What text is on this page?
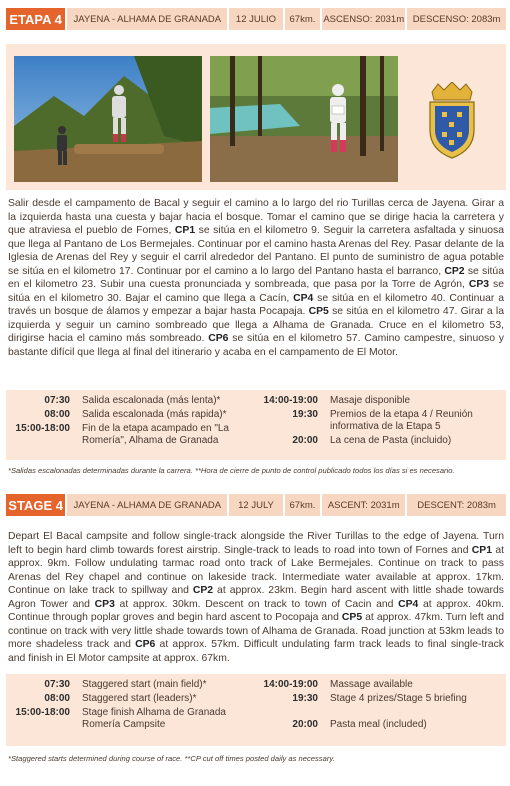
ETAPA 4	JAYENA - ALHAMA DE GRANADA	12 JULIO	67km. ASCENSO: 2031m DESCENSO: 2083m

Salir desde el campamento de Bacal y seguir el camino a lo largo del rio Turillas cerca de Jayena. Girar a la izquierda hasta una cuesta y bajar hacia el bosque. Tomar el camino que se dirige hacia la carretera y que atraviesa el pueblo de Fornes, CP1 se sitúa en el kilometro 9. Seguir la carretera asfaltada y sinuosa que llega al Pantano de Los Bermejales. Continuar por el camino hasta Arenas del Rey. Pasar delante de la Iglesia de Arenas del Rey y seguir el carril alrededor del Pantano. El punto de suministro de agua potable se sitúa en el kilometro 17. Continuar por el camino a lo largo del Pantano hasta el barranco, CP2 se sitúa en el kilometro 23. Subir una cuesta pronunciada y sombreada, que pasa por la Torre de Agrón, CP3 se sitúa en el kilometro 30. Bajar el camino que llega a Cacín, CP4 se sitúa en el kilometro 40. Continuar a través un bosque de álamos y empezar a bajar hasta Pocapaja. CP5 se sitúa en el kilometro 47. Girar a la izquierda y seguir un camino sombreado que llega a Alhama de Granada. Cruce en el kilometro 53, dirigirse hacia el camino más sombreado. CP6 se sitúa en el kilometro 57. Camino campestre, sinuoso y bastante difícil que llega al final del itinerario y acaba en el campamento de El Motor.

07:30	Salida escalonada (más lenta)*
08:00	Salida escalonada (más rapida)*
15:00-18:00	Fin de la etapa acampado en "La Romería", Alhama de Granada
14:00-19:00	Masaje disponible
19:30	Premios de la etapa 4 / Reunión informativa de la Etapa 5
20:00	La cena de Pasta (incluido)
*Salidas escalonadas determinadas durante la carrera. **Hora de cierre de punto de control publicado todos los días si es necesario.
STAGE 4	JAYENA - ALHAMA DE GRANADA	12 JULY	67km.	ASCENT: 2031m	DESCENT: 2083m

Depart El Bacal campsite and follow single-track alongside the River Turillas to the edge of Jayena. Turn left to begin hard climb towards forest airstrip. Single-track to leads to road into town of Fornes and CP1 at approx. 9km. Follow undulating tarmac road onto track of Lake Bermejales. Continue on track to pass Arenas del Rey chapel and continue on lakeside track. Intermediate water available at approx. 17km. Continue on lake track to spillway and CP2 at approx. 23km. Begin hard ascent with little shade towards Agron Tower and CP3 at approx. 30km. Descent on track to town of Cacin and CP4 at approx. 40km. Continue through poplar groves and begin hard ascent to Pocopaja and CP5 at approx. 47km. Turn left and continue on track with very little shade towards town of Alhama de Granada. Road junction at 53km leads to more shadeless track and CP6 at approx. 57km. Difficult undulating farm track leads to final single-track and finish in El Motor campsite at approx. 67km.

07:30	Staggered start (main field)*
08:00	Staggered start (leaders)*
15:00-18:00	Stage finish Alhama de Granada Romería Campsite
14:00-19:00	Massage available
19:30	Stage 4 prizes/Stage 5 briefing
20:00	Pasta meal (included)
*Staggered starts determined during course of race. **CP cut off times posted daily as necessary.
